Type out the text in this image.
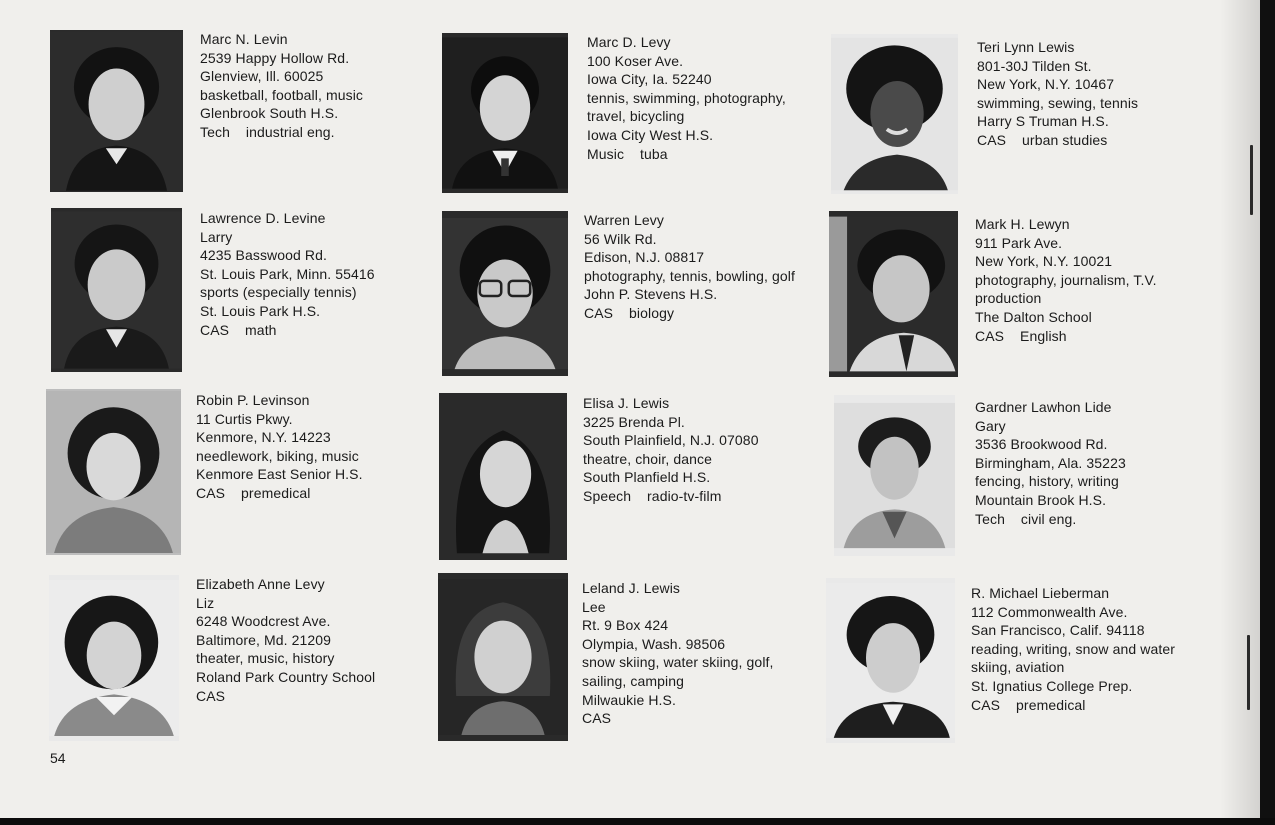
Marc N. Levin
2539 Happy Hollow Rd.
Glenview, Ill. 60025
basketball, football, music
Glenbrook South H.S.
Tech    industrial eng.
Marc D. Levy
100 Koser Ave.
Iowa City, Ia. 52240
tennis, swimming, photography,
travel, bicycling
Iowa City West H.S.
Music    tuba
Teri Lynn Lewis
801-30J Tilden St.
New York, N.Y. 10467
swimming, sewing, tennis
Harry S Truman H.S.
CAS    urban studies
Lawrence D. Levine
Larry
4235 Basswood Rd.
St. Louis Park, Minn. 55416
sports (especially tennis)
St. Louis Park H.S.
CAS    math
Warren Levy
56 Wilk Rd.
Edison, N.J. 08817
photography, tennis, bowling, golf
John P. Stevens H.S.
CAS    biology
Mark H. Lewyn
911 Park Ave.
New York, N.Y. 10021
photography, journalism, T.V.
production
The Dalton School
CAS    English
Robin P. Levinson
11 Curtis Pkwy.
Kenmore, N.Y. 14223
needlework, biking, music
Kenmore East Senior H.S.
CAS    premedical
Elisa J. Lewis
3225 Brenda Pl.
South Plainfield, N.J. 07080
theatre, choir, dance
South Planfield H.S.
Speech    radio-tv-film
Gardner Lawhon Lide
Gary
3536 Brookwood Rd.
Birmingham, Ala. 35223
fencing, history, writing
Mountain Brook H.S.
Tech    civil eng.
Elizabeth Anne Levy
Liz
6248 Woodcrest Ave.
Baltimore, Md. 21209
theater, music, history
Roland Park Country School
CAS
Leland J. Lewis
Lee
Rt. 9 Box 424
Olympia, Wash. 98506
snow skiing, water skiing, golf,
sailing, camping
Milwaukie H.S.
CAS
R. Michael Lieberman
112 Commonwealth Ave.
San Francisco, Calif. 94118
reading, writing, snow and water
skiing, aviation
St. Ignatius College Prep.
CAS    premedical
54
